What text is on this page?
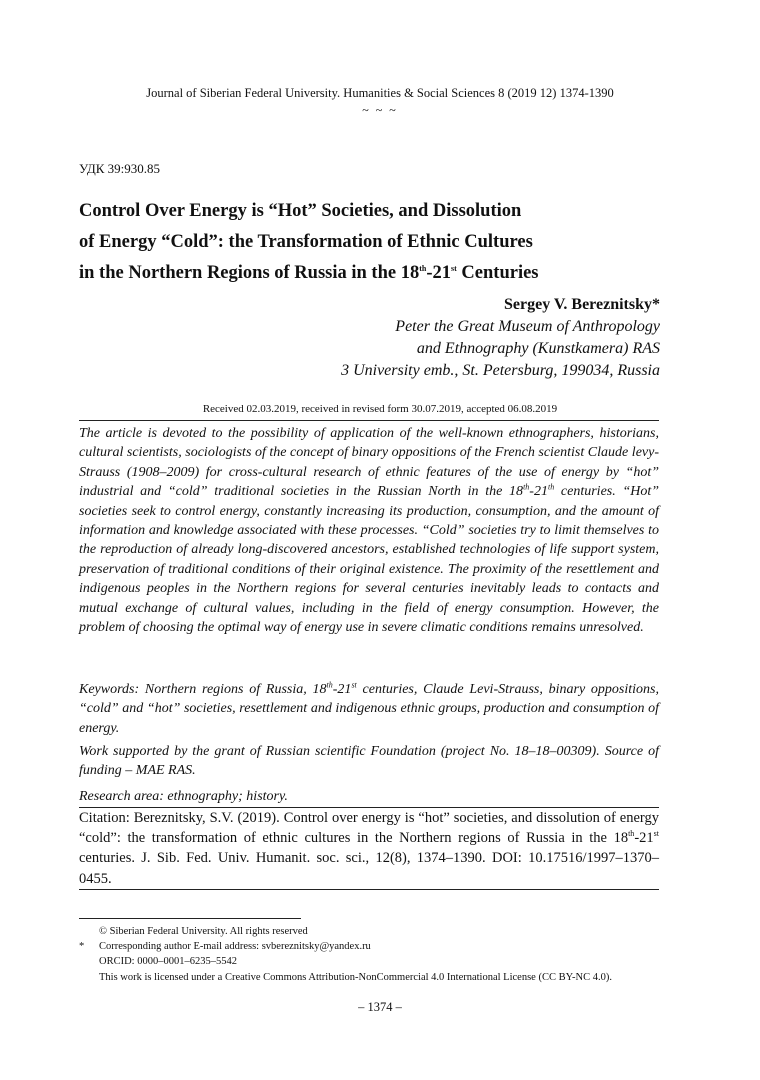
Journal of Siberian Federal University. Humanities & Social Sciences 8 (2019 12) 1374-1390
~ ~ ~
УДК 39:930.85
Control Over Energy is “Hot” Societies, and Dissolution
of Energy “Cold”: the Transformation of Ethnic Cultures
in the Northern Regions of Russia in the 18th-21st Centuries
Sergey V. Bereznitsky*
Peter the Great Museum of Anthropology
and Ethnography (Kunstkamera) RAS
3 University emb., St. Petersburg, 199034, Russia
Received 02.03.2019, received in revised form 30.07.2019, accepted 06.08.2019
The article is devoted to the possibility of application of the well-known ethnographers, historians, cultural scientists, sociologists of the concept of binary oppositions of the French scientist Claude levy-Strauss (1908–2009) for cross-cultural research of ethnic features of the use of energy by “hot” industrial and “cold” traditional societies in the Russian North in the 18th-21th centuries. “Hot” societies seek to control energy, constantly increasing its production, consumption, and the amount of information and knowledge associated with these processes. “Cold” societies try to limit themselves to the reproduction of already long-discovered ancestors, established technologies of life support system, preservation of traditional conditions of their original existence. The proximity of the resettlement and indigenous peoples in the Northern regions for several centuries inevitably leads to contacts and mutual exchange of cultural values, including in the field of energy consumption. However, the problem of choosing the optimal way of energy use in severe climatic conditions remains unresolved.
Keywords: Northern regions of Russia, 18th-21st centuries, Claude Levi-Strauss, binary oppositions, “cold” and “hot” societies, resettlement and indigenous ethnic groups, production and consumption of energy.
Work supported by the grant of Russian scientific Foundation (project No. 18–18–00309). Source of funding – MAE RAS.
Research area: ethnography; history.
Citation: Bereznitsky, S.V. (2019). Control over energy is “hot” societies, and dissolution of energy “cold”: the transformation of ethnic cultures in the Northern regions of Russia in the 18th-21st centuries. J. Sib. Fed. Univ. Humanit. soc. sci., 12(8), 1374–1390. DOI: 10.17516/1997–1370–0455.
© Siberian Federal University. All rights reserved
*	Corresponding author E-mail address: svbereznitsky@yandex.ru
ORCID: 0000–0001–6235–5542
This work is licensed under a Creative Commons Attribution-NonCommercial 4.0 International License (CC BY-NC 4.0).
– 1374 –
